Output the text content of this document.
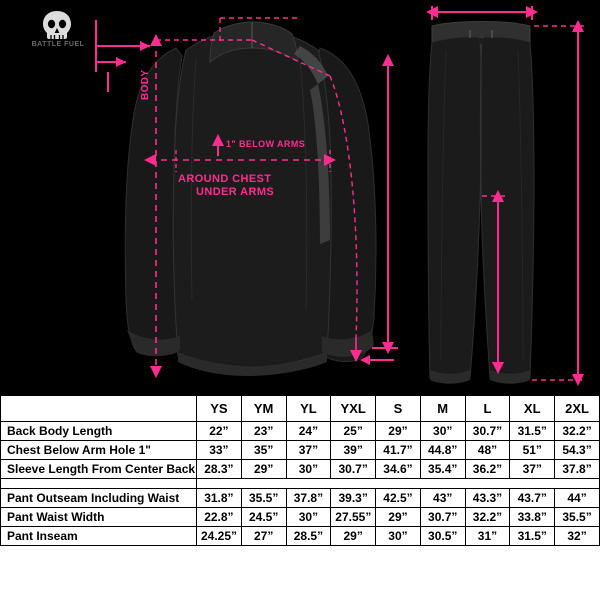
BATTLE FUEL
BODY
1" BELOW ARMS
AROUND CHEST
UNDER ARMS
	YS	YM	YL	YXL	S	M	L	XL	2XL
Back Body Length	22”	23”	24”	25”	29”	30”	30.7”	31.5”	32.2”
Chest Below Arm Hole 1"	33”	35”	37”	39”	41.7”	44.8”	48”	51”	54.3”
Sleeve Length From Center Back	28.3”	29”	30”	30.7”	34.6”	35.4”	36.2”	37”	37.8”

Pant Outseam Including Waist	31.8”	35.5”	37.8”	39.3”	42.5”	43”	43.3”	43.7”	44”
Pant Waist Width	22.8”	24.5”	30”	27.55”	29”	30.7”	32.2”	33.8”	35.5”
Pant Inseam	24.25”	27”	28.5”	29”	30”	30.5”	31”	31.5”	32”
